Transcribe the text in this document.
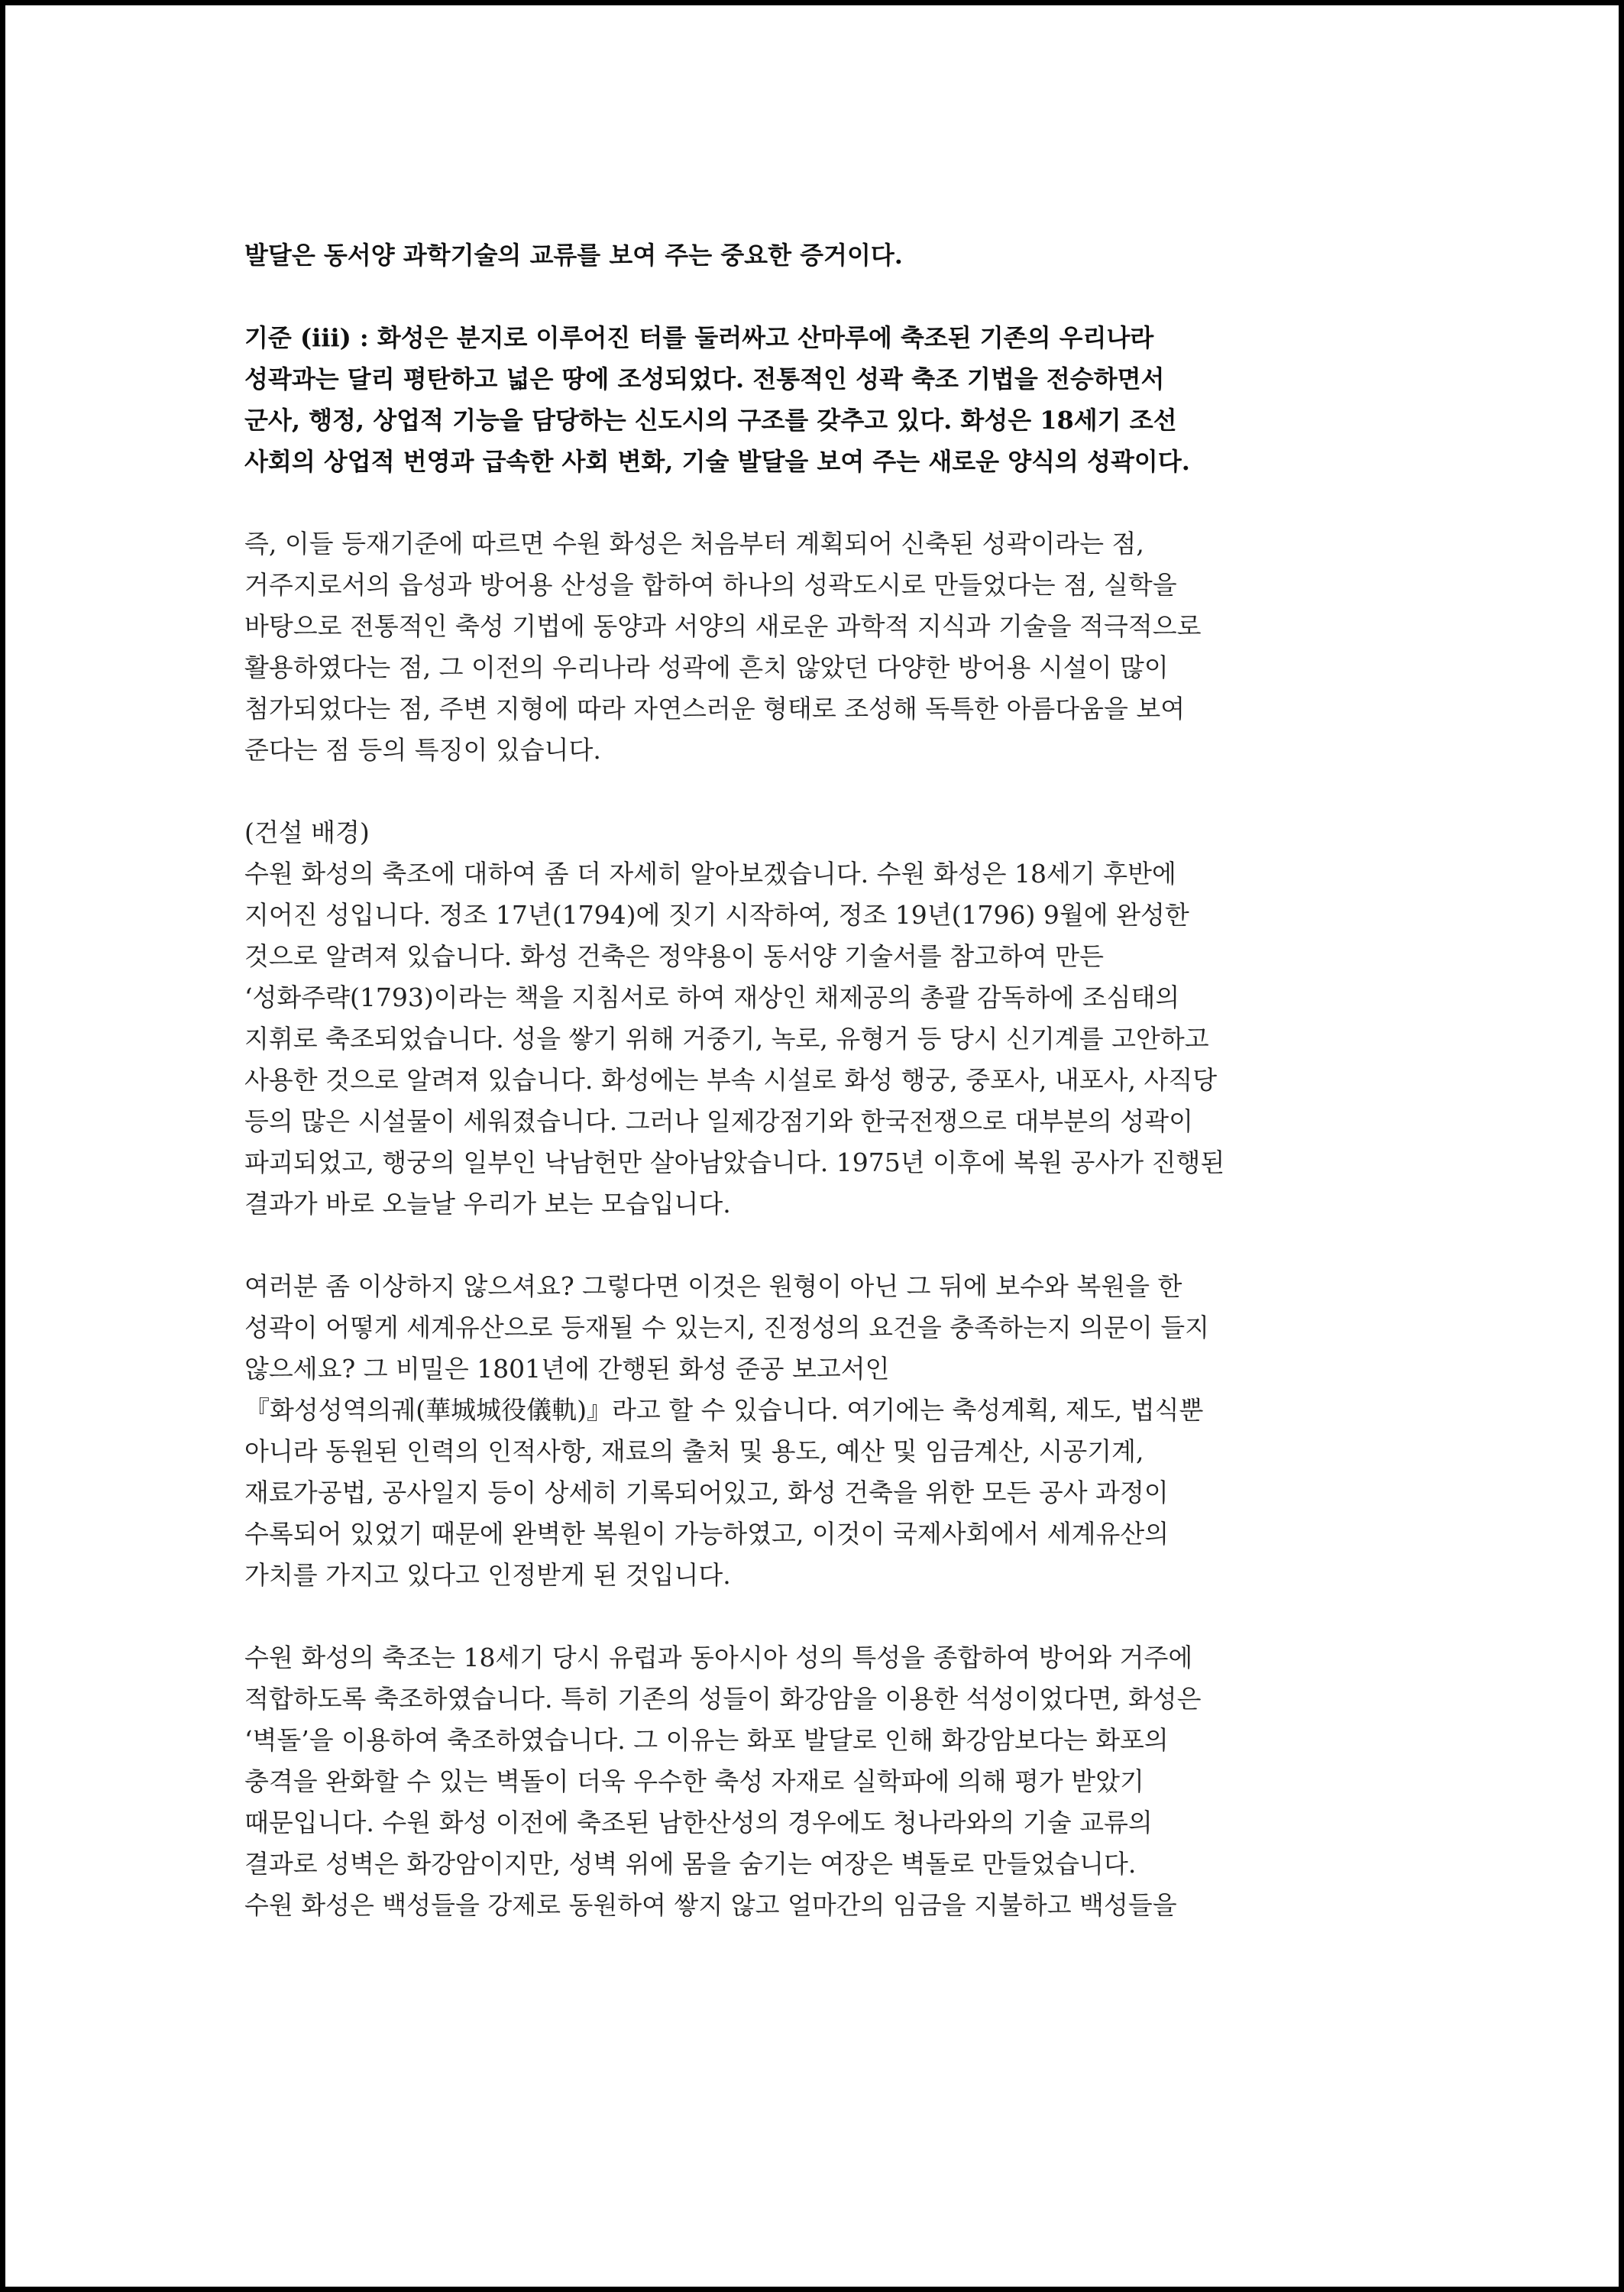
발달은 동서양 과학기술의 교류를 보여 주는 중요한 증거이다.
기준 (ⅲ) : 화성은 분지로 이루어진 터를 둘러싸고 산마루에 축조된 기존의 우리나라
성곽과는 달리 평탄하고 넓은 땅에 조성되었다. 전통적인 성곽 축조 기법을 전승하면서
군사, 행정, 상업적 기능을 담당하는 신도시의 구조를 갖추고 있다. 화성은 18세기 조선
사회의 상업적 번영과 급속한 사회 변화, 기술 발달을 보여 주는 새로운 양식의 성곽이다.
즉, 이들 등재기준에 따르면 수원 화성은 처음부터 계획되어 신축된 성곽이라는 점,
거주지로서의 읍성과 방어용 산성을 합하여 하나의 성곽도시로 만들었다는 점, 실학을
바탕으로 전통적인 축성 기법에 동양과 서양의 새로운 과학적 지식과 기술을 적극적으로
활용하였다는 점, 그 이전의 우리나라 성곽에 흔치 않았던 다양한 방어용 시설이 많이
첨가되었다는 점, 주변 지형에 따라 자연스러운 형태로 조성해 독특한 아름다움을 보여
준다는 점 등의 특징이 있습니다.
(건설 배경)
수원 화성의 축조에 대하여 좀 더 자세히 알아보겠습니다. 수원 화성은 18세기 후반에
지어진 성입니다. 정조 17년(1794)에 짓기 시작하여, 정조 19년(1796) 9월에 완성한
것으로 알려져 있습니다. 화성 건축은 정약용이 동서양 기술서를 참고하여 만든
‘성화주략(1793)이라는 책을 지침서로 하여 재상인 채제공의 총괄 감독하에 조심태의
지휘로 축조되었습니다. 성을 쌓기 위해 거중기, 녹로, 유형거 등 당시 신기계를 고안하고
사용한 것으로 알려져 있습니다. 화성에는 부속 시설로 화성 행궁, 중포사, 내포사, 사직당
등의 많은 시설물이 세워졌습니다. 그러나 일제강점기와 한국전쟁으로 대부분의 성곽이
파괴되었고, 행궁의 일부인 낙남헌만 살아남았습니다. 1975년 이후에 복원 공사가 진행된
결과가 바로 오늘날 우리가 보는 모습입니다.
여러분 좀 이상하지 않으셔요? 그렇다면 이것은 원형이 아닌 그 뒤에 보수와 복원을 한
성곽이 어떻게 세계유산으로 등재될 수 있는지, 진정성의 요건을 충족하는지 의문이 들지
않으세요? 그 비밀은 1801년에 간행된 화성 준공 보고서인
『화성성역의궤(華城城役儀軌)』라고 할 수 있습니다. 여기에는 축성계획, 제도, 법식뿐
아니라 동원된 인력의 인적사항, 재료의 출처 및 용도, 예산 및 임금계산, 시공기계,
재료가공법, 공사일지 등이 상세히 기록되어있고, 화성 건축을 위한 모든 공사 과정이
수록되어 있었기 때문에 완벽한 복원이 가능하였고, 이것이 국제사회에서 세계유산의
가치를 가지고 있다고 인정받게 된 것입니다.
수원 화성의 축조는 18세기 당시 유럽과 동아시아 성의 특성을 종합하여 방어와 거주에
적합하도록 축조하였습니다. 특히 기존의 성들이 화강암을 이용한 석성이었다면, 화성은
‘벽돌’을 이용하여 축조하였습니다. 그 이유는 화포 발달로 인해 화강암보다는 화포의
충격을 완화할 수 있는 벽돌이 더욱 우수한 축성 자재로 실학파에 의해 평가 받았기
때문입니다. 수원 화성 이전에 축조된 남한산성의 경우에도 청나라와의 기술 교류의
결과로 성벽은 화강암이지만, 성벽 위에 몸을 숨기는 여장은 벽돌로 만들었습니다.
수원 화성은 백성들을 강제로 동원하여 쌓지 않고 얼마간의 임금을 지불하고 백성들을
